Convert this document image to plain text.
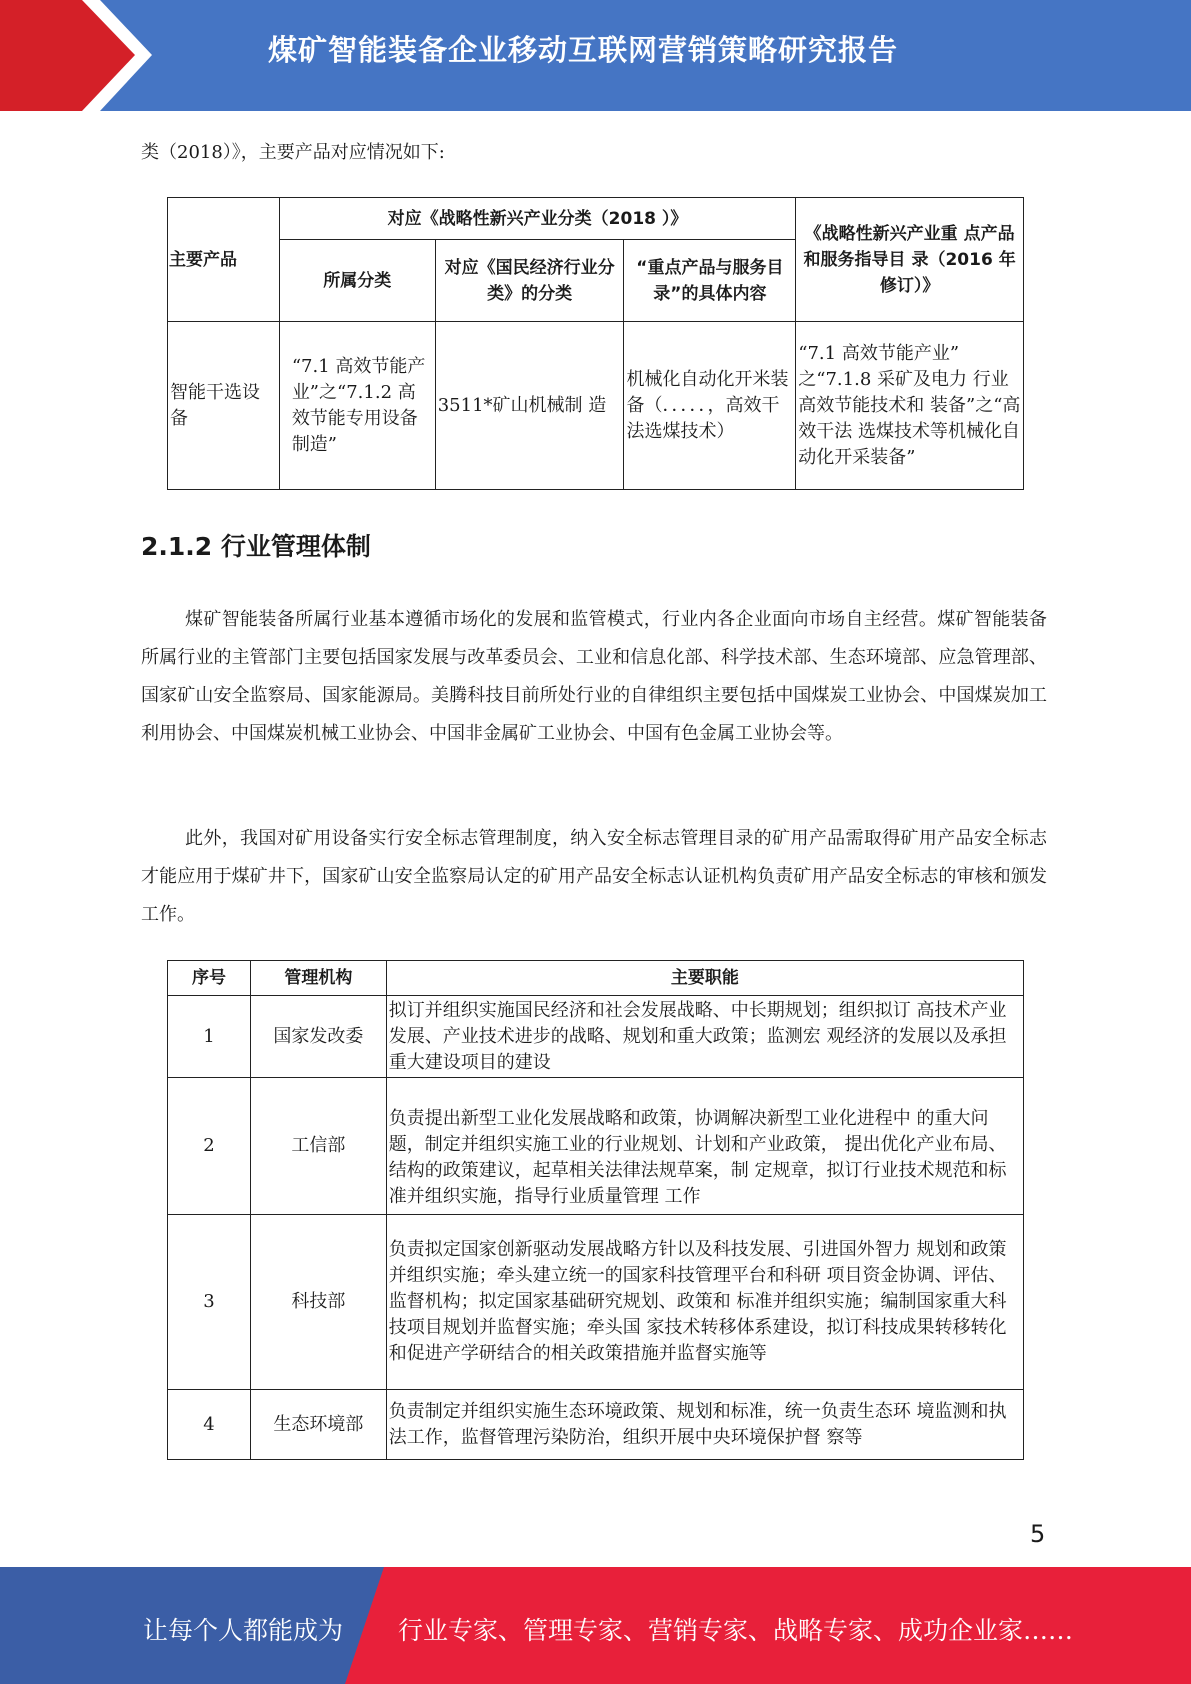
煤矿智能装备企业移动互联网营销策略研究报告
类（2018）》，主要产品对应情况如下:
主要产品	对应《战略性新兴产业分类（2018 ）》			《战略性新兴产业重 点产品和服务指导目 录（2016 年修订）》
	所属分类	对应《国民经济行业分类》的分类	“重点产品与服务目录”的具体内容	
智能干选设备	“7.1 高效节能产业”之“7.1.2 高效节能专用设备制造”	3511*矿山机械制 造	机械化自动化开米装备（．．．．．，高效干法选煤技术）	“7.1 高效节能产业” 之“7.1.8 采矿及电力 行业高效节能技术和 装备”之“高效干法 选煤技术等机械化自 动化开采装备”
2.1.2 行业管理体制

煤矿智能装备所属行业基本遵循市场化的发展和监管模式，行业内各企业面向市场自主经营。煤矿智能装备所属行业的主管部门主要包括国家发展与改革委员会、工业和信息化部、科学技术部、生态环境部、应急管理部、国家矿山安全监察局、国家能源局。美腾科技目前所处行业的自律组织主要包括中国煤炭工业协会、中国煤炭加工利用协会、中国煤炭机械工业协会、中国非金属矿工业协会、中国有色金属工业协会等。

此外，我国对矿用设备实行安全标志管理制度，纳入安全标志管理目录的矿用产品需取得矿用产品安全标志才能应用于煤矿井下，国家矿山安全监察局认定的矿用产品安全标志认证机构负责矿用产品安全标志的审核和颁发工作。

序号	管理机构	主要职能
1	国家发改委	拟订并组织实施国民经济和社会发展战略、中长期规划；组织拟订 高技术产业发展、产业技术进步的战略、规划和重大政策；监测宏 观经济的发展以及承担重大建设项目的建设
2	工信部	负责提出新型工业化发展战略和政策，协调解决新型工业化进程中 的重大问题，制定并组织实施工业的行业规划、计划和产业政策， 提出优化产业布局、结构的政策建议，起草相关法律法规草案，制 定规章，拟订行业技术规范和标准并组织实施，指导行业质量管理 工作
3	科技部	负责拟定国家创新驱动发展战略方针以及科技发展、引进国外智力 规划和政策并组织实施；牵头建立统一的国家科技管理平台和科研 项目资金协调、评估、监督机构；拟定国家基础研究规划、政策和 标准并组织实施；编制国家重大科技项目规划并监督实施；牵头国 家技术转移体系建设，拟订科技成果转移转化和促进产学研结合的相关政策措施并监督实施等
4	生态环境部	负责制定并组织实施生态环境政策、规划和标准，统一负责生态环 境监测和执法工作，监督管理污染防治，组织开展中央环境保护督 察等
5
让每个人都能成为 行业专家、管理专家、营销专家、战略专家、成功企业家……
